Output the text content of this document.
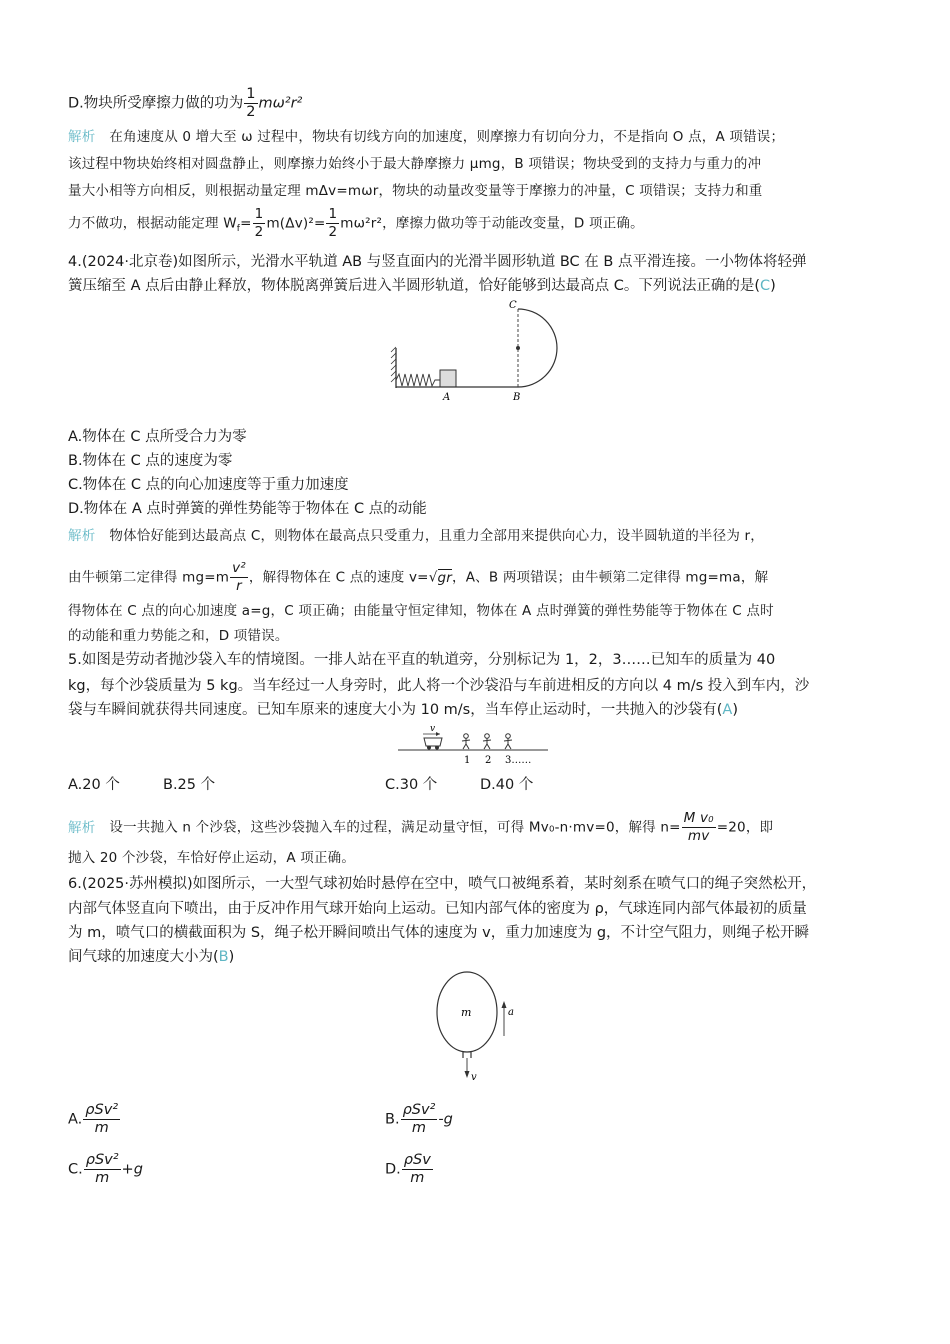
D.物块所受摩擦力做的功为 $\frac{1}{2} m\omega^2r^2$
解析 在角速度从 0 增大至 ω 过程中，物块有切线方向的加速度，则摩擦力有切向分力，不是指向 O 点，A 项错误；
该过程中物块始终相对圆盘静止，则摩擦力始终小于最大静摩擦力 μmg，B 项错误；物块受到的支持力与重力的冲
量大小相等方向相反，则根据动量定理 mΔv=mωr，物块的动量改变量等于摩擦力的冲量，C 项错误；支持力和重
力不做功，根据动能定理 $W_f= \frac{1}{2} m(\Delta v)^2= \frac{1}{2} m\omega^2r^2$，摩擦力做功等于动能改变量，D 项正确。
4.(2024·北京卷)如图所示，光滑水平轨道 AB 与竖直面内的光滑半圆形轨道 BC 在 B 点平滑连接。一小物体将轻弹
簧压缩至 A 点后由静止释放，物体脱离弹簧后进入半圆形轨道，恰好能够到达最高点 C。下列说法正确的是(C)
A	B
C
A.物体在 C 点所受合力为零
B.物体在 C 点的速度为零
C.物体在 C 点的向心加速度等于重力加速度
D.物体在 A 点时弹簧的弹性势能等于物体在 C 点的动能
解析 物体恰好能到达最高点 C，则物体在最高点只受重力，且重力全部用来提供向心力，设半圆轨道的半径为 r，
由牛顿第二定律得 $mg=m \frac{\text{v²}}{r}$ ，解得物体在 C 点的速度 v=√gr，A、B 两项错误；由牛顿第二定律得 mg=ma，解
得物体在 C 点的向心加速度 a=g，C 项正确；由能量守恒定律知，物体在 A 点时弹簧的弹性势能等于物体在 C 点时
的动能和重力势能之和，D 项错误。
5.如图是劳动者抛沙袋入车的情境图。一排人站在平直的轨道旁，分别标记为 1，2，3……已知车的质量为 40
kg，每个沙袋质量为 5 kg。当车经过一人身旁时，此人将一个沙袋沿与车前进相反的方向以 4 m/s 投入到车内，沙
袋与车瞬间就获得共同速度。已知车原来的速度大小为 10 m/s，当车停止运动时，一共抛入的沙袋有(A)
v
1 2 3……
A.20 个	B.25 个	C.30 个	D.40 个
解析 设一共抛入 n 个沙袋，这些沙袋抛入车的过程，满足动量守恒，可得 Mv₀-n·mv=0，解得 $n= \frac{\text{M v₀}}{mv} =20$，即
抛入 20 个沙袋，车恰好停止运动，A 项正确。
6.(2025·苏州模拟)如图所示，一大型气球初始时悬停在空中，喷气口被绳系着，某时刻系在喷气口的绳子突然松开，
内部气体竖直向下喷出，由于反冲作用气球开始向上运动。已知内部气体的密度为 ρ，气球连同内部气体最初的质量
为 m，喷气口的横截面积为 S，绳子松开瞬间喷出气体的速度为 v，重力加速度为 g，不计空气阻力，则绳子松开瞬
间气球的加速度大小为(B)
m	a
v
A. $\frac{\text{ρSv²}}{m}$	B. $\frac{\text{ρSv²}}{m} -g$
C. $\frac{\text{ρSv²}}{m} +g$	D. $\frac{\text{ρSv}}{m}$
